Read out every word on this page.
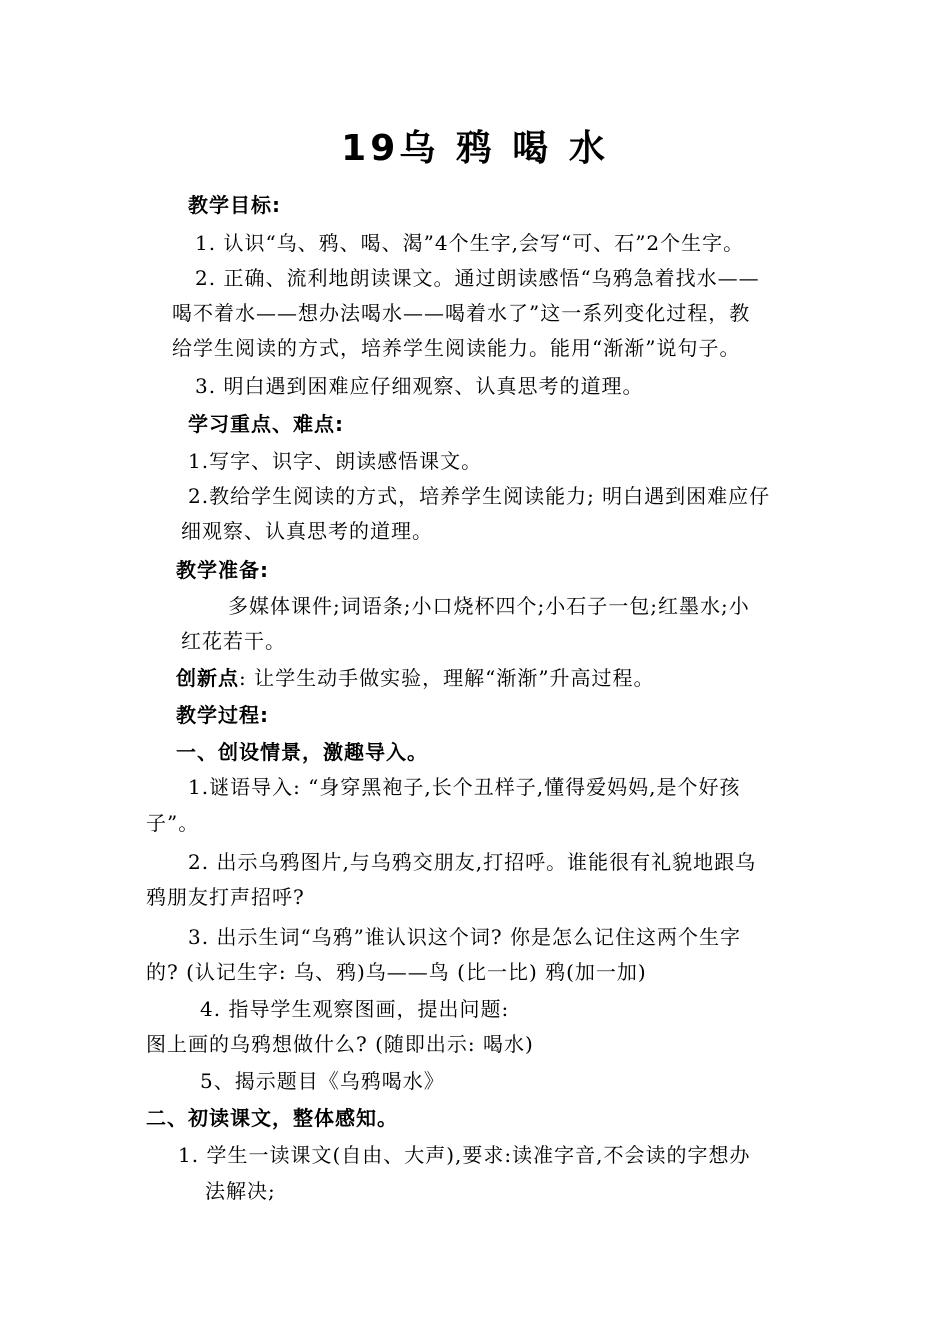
19乌 鸦 喝 水
教学目标:
1. 认识“乌、鸦、喝、渴”4个生字,会写“可、石”2个生字。
2. 正确、流利地朗读课文。通过朗读感悟“乌鸦急着找水——
喝不着水——想办法喝水——喝着水了”这一系列变化过程，教
给学生阅读的方式，培养学生阅读能力。能用“渐渐”说句子。
3. 明白遇到困难应仔细观察、认真思考的道理。
学习重点、难点:
1.写字、识字、朗读感悟课文。
2.教给学生阅读的方式，培养学生阅读能力; 明白遇到困难应仔
细观察、认真思考的道理。
教学准备:
多媒体课件;词语条;小口烧杯四个;小石子一包;红墨水;小
红花若干。
创新点: 让学生动手做实验，理解“渐渐”升高过程。
教学过程:
一、创设情景，激趣导入。
1.谜语导入: “身穿黑袍子,长个丑样子,懂得爱妈妈,是个好孩
子”。
2. 出示乌鸦图片,与乌鸦交朋友,打招呼。谁能很有礼貌地跟乌
鸦朋友打声招呼?
3. 出示生词“乌鸦”谁认识这个词? 你是怎么记住这两个生字
的? (认记生字: 乌、鸦)乌——鸟 (比一比) 鸦(加一加)
4. 指导学生观察图画，提出问题:
图上画的乌鸦想做什么? (随即出示: 喝水)
5、揭示题目《乌鸦喝水》
二、初读课文，整体感知。
1. 学生一读课文(自由、大声),要求:读准字音,不会读的字想办
法解决;
